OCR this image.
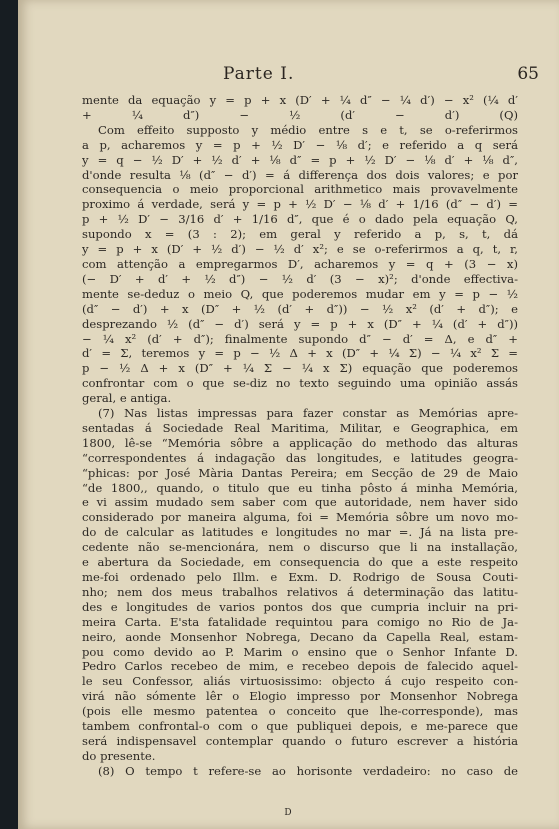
Parte I.	65
mente da equação y = p + x (D′ + ¼ d″ − ¼ d′) − x² (¼ d′
+ ¼ d″) − ½ (d′ − d′) (Q)
Com effeito supposto y médio entre s e t, se o-referirmos
a p, acharemos y = p + ½ D′ − ⅛ d′; e referido a q será
y = q − ½ D′ + ½ d′ + ⅛ d″ = p + ½ D′ − ⅛ d′ + ⅛ d″,
d'onde resulta ⅛ (d″ − d′) = á differença dos dois valores; e por
consequencia o meio proporcional arithmetico mais provavelmente
proximo á verdade, será y = p + ½ D′ − ⅛ d′ + 1/16 (d″ − d′) =
p + ½ D′ − 3/16 d′ + 1/16 d″, que é o dado pela equação Q,
supondo x = (3 : 2); em geral y referido a p, s, t, dá
y = p + x (D′ + ½ d′) − ½ d′ x²; e se o-referirmos a q, t, r,
com attenção a empregarmos D′, acharemos y = q + (3 − x)
(− D′ + d′ + ½ d″) − ½ d′ (3 − x)²; d'onde effectiva-
mente se-deduz o meio Q, que poderemos mudar em y = p − ½
(d″ − d′) + x (D″ + ½ (d′ + d″)) − ½ x² (d′ + d″); e
desprezando ½ (d″ − d′) será y = p + x (D″ + ¼ (d′ + d″))
− ¼ x² (d′ + d″); finalmente supondo d″ − d′ = Δ, e d″ +
d′ = Σ, teremos y = p − ½ Δ + x (D″ + ¼ Σ) − ¼ x² Σ =
p − ½ Δ + x (D″ + ¼ Σ − ¼ x Σ) equação que poderemos
confrontar com o que se-diz no texto seguindo uma opinião assás
geral, e antiga.
(7) Nas listas impressas para fazer constar as Memórias apre-
sentadas á Sociedade Real Maritima, Militar, e Geographica, em
1800, lê-se “Memória sôbre a applicação do methodo das alturas
“correspondentes á indagação das longitudes, e latitudes geogra-
“phicas: por José Mària Dantas Pereira; em Secção de 29 de Maio
“de 1800,, quando, o titulo que eu tinha pôsto á minha Memória,
e vi assim mudado sem saber com que autoridade, nem haver sido
considerado por maneira alguma, foi = Memória sôbre um novo mo-
do de calcular as latitudes e longitudes no mar =. Já na lista pre-
cedente não se-mencionára, nem o discurso que li na installação,
e abertura da Sociedade, em consequencia do que a este respeito
me-foi ordenado pelo Illm. e Exm. D. Rodrigo de Sousa Couti-
nho; nem dos meus trabalhos relativos á determinação das latitu-
des e longitudes de varios pontos dos que cumpria incluir na pri-
meira Carta. E'sta fatalidade requintou para comigo no Rio de Ja-
neiro, aonde Monsenhor Nobrega, Decano da Capella Real, estam-
pou como devido ao P. Marim o ensino que o Senhor Infante D.
Pedro Carlos recebeo de mim, e recebeo depois de falecido aquel-
le seu Confessor, aliás virtuosissimo: objecto á cujo respeito con-
virá não sómente lêr o Elogio impresso por Monsenhor Nobrega
(pois elle mesmo patentea o conceito que lhe-corresponde), mas
tambem confrontal-o com o que publiquei depois, e me-parece que
será indispensavel contemplar quando o futuro escrever a história
do presente.
(8) O tempo t refere-se ao horisonte verdadeiro: no caso de
D
